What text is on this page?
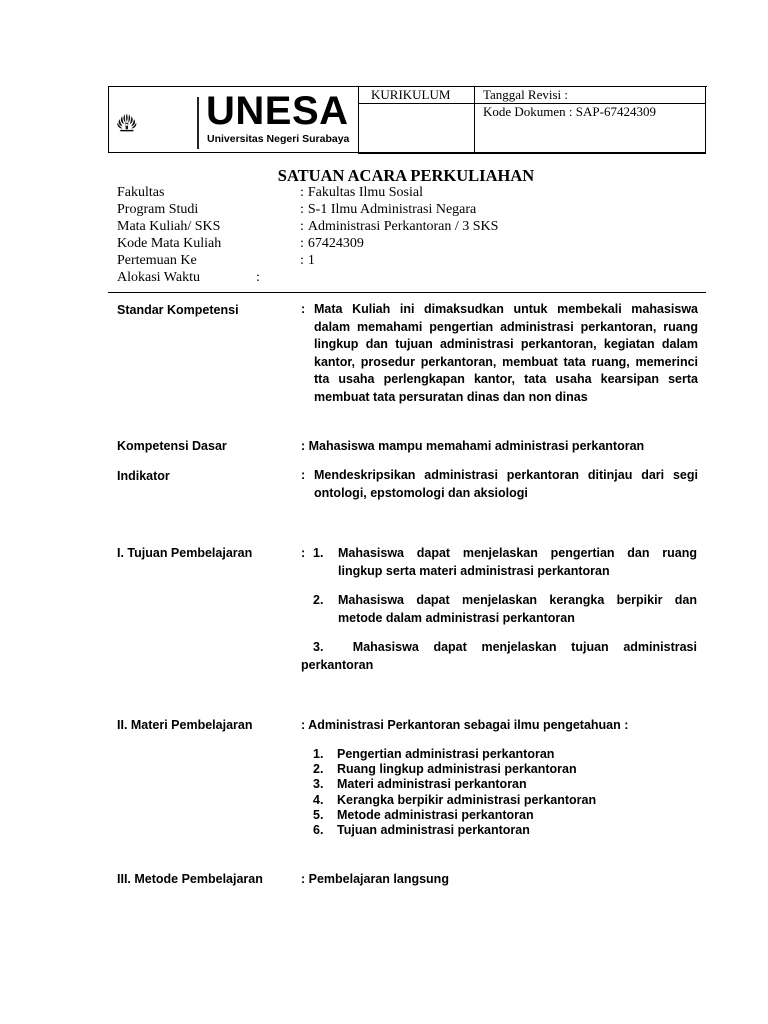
UNESA
Universitas Negeri Surabaya
KURIKULUM	Tanggal Revisi :
	Kode Dokumen : SAP-67424309
SATUAN ACARA PERKULIAHAN
Fakultas	: Fakultas Ilmu Sosial
Program Studi	: S-1 Ilmu Administrasi Negara
Mata Kuliah/ SKS	: Administrasi Perkantoran / 3 SKS
Kode Mata Kuliah	: 67424309
Pertemuan Ke	: 1
Alokasi Waktu	:
Standar Kompetensi	: Mata Kuliah ini dimaksudkan untuk membekali mahasiswa dalam memahami pengertian administrasi perkantoran, ruang lingkup dan tujuan administrasi perkantoran, kegiatan dalam kantor, prosedur perkantoran, membuat tata ruang, memerinci tta usaha perlengkapan kantor, tata usaha kearsipan serta membuat tata persuratan dinas dan non dinas
Kompetensi Dasar	: Mahasiswa mampu memahami administrasi perkantoran
Indikator	: Mendeskripsikan administrasi perkantoran ditinjau dari segi ontologi, epstomologi dan aksiologi
I. Tujuan Pembelajaran	: 1. Mahasiswa dapat menjelaskan pengertian dan ruang lingkup serta materi administrasi perkantoran
2. Mahasiswa dapat menjelaskan kerangka berpikir dan metode dalam administrasi perkantoran
3. Mahasiswa dapat menjelaskan tujuan administrasi perkantoran
II. Materi Pembelajaran	: Administrasi Perkantoran sebagai ilmu pengetahuan :
1. Pengertian administrasi perkantoran
2. Ruang lingkup administrasi perkantoran
3. Materi administrasi perkantoran
4. Kerangka berpikir administrasi perkantoran
5. Metode administrasi perkantoran
6. Tujuan administrasi perkantoran
III. Metode Pembelajaran	: Pembelajaran langsung
